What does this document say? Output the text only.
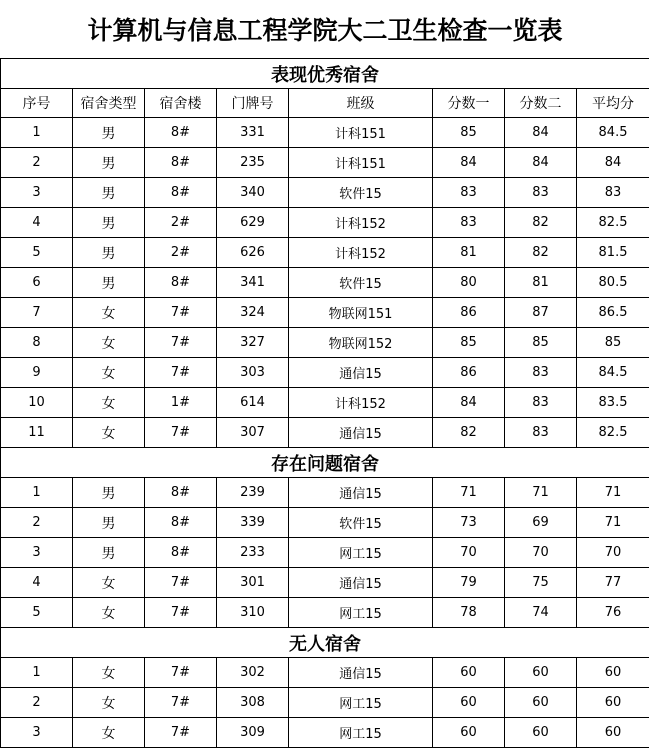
计算机与信息工程学院大二卫生检查一览表							
表现优秀宿舍							
序号	宿舍类型	宿舍楼	门牌号	班级	分数一	分数二	平均分
1	男	8#	331	计科151	85	84	84.5
2	男	8#	235	计科151	84	84	84
3	男	8#	340	软件15	83	83	83
4	男	2#	629	计科152	83	82	82.5
5	男	2#	626	计科152	81	82	81.5
6	男	8#	341	软件15	80	81	80.5
7	女	7#	324	物联网151	86	87	86.5
8	女	7#	327	物联网152	85	85	85
9	女	7#	303	通信15	86	83	84.5
10	女	1#	614	计科152	84	83	83.5
11	女	7#	307	通信15	82	83	82.5
存在问题宿舍							
1	男	8#	239	通信15	71	71	71
2	男	8#	339	软件15	73	69	71
3	男	8#	233	网工15	70	70	70
4	女	7#	301	通信15	79	75	77
5	女	7#	310	网工15	78	74	76
无人宿舍							
1	女	7#	302	通信15	60	60	60
2	女	7#	308	网工15	60	60	60
3	女	7#	309	网工15	60	60	60
